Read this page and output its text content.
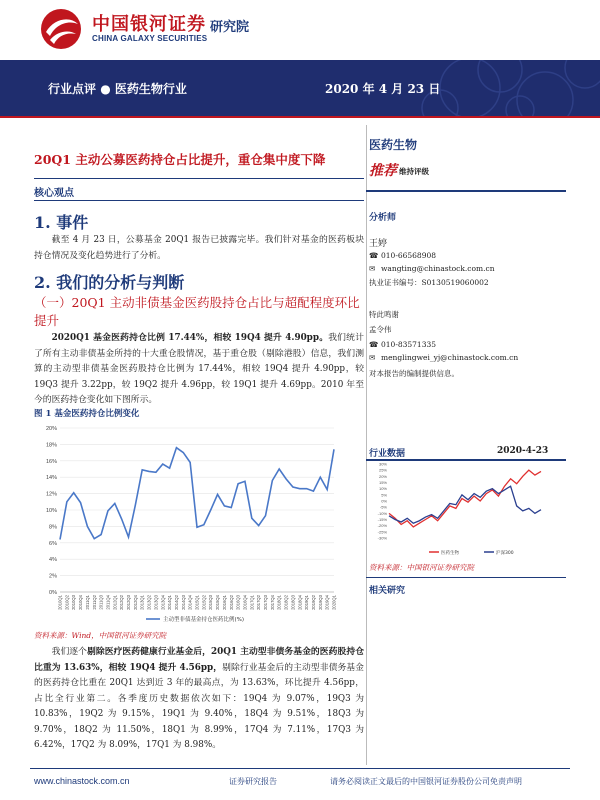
中国银河证券
CHINA GALAXY SECURITIES
研究院
行业点评 ● 医药生物行业	2020 年 4 月 23 日
20Q1 主动公募医药持仓占比提升，重仓集中度下降
核心观点
1. 事件
截至 4 月 23 日，公募基金 20Q1 报告已披露完毕。我们针对基金的医药板块持仓情况及变化趋势进行了分析。
2. 我们的分析与判断
（一）20Q1 主动非债基金医药股持仓占比与超配程度环比提升
2020Q1 基金医药持仓比例 17.44%，相较 19Q4 提升 4.90pp。我们统计了所有主动非债基金所持的十大重仓股情况，基于重仓股（剔除港股）信息，我们测算的主动型非债基金医药股持仓比例为 17.44%，相较 19Q4 提升 4.90pp，较 19Q3 提升 3.22pp，较 19Q2 提升 4.96pp，较 19Q1 提升 4.69pp。2010 年至今的医药持仓变化如下图所示。
图 1 基金医药持仓比例变化
0%
2%
4%
6%
8%
10%
12%
14%
16%
18%
20%
2010Q1 2010Q2 2010Q3 2010Q4 2011Q1 2011Q2 2011Q3 2011Q4 2012Q1 2012Q2 2012Q3 2012Q4 2013Q1 2013Q2 2013Q3 2013Q4 2014Q1 2014Q2 2014Q3 2014Q4 2015Q1 2015Q2 2015Q3 2015Q4 2016Q1 2016Q2 2016Q3 2016Q4 2017Q1 2017Q2 2017Q3 2017Q4 2018Q1 2018Q2 2018Q3 2018Q4 2019Q1 2019Q2 2019Q3 2019Q4 2020Q1
主动型非债基金持仓医药比例(%)
资料来源：Wind，中国银河证券研究院
我们逐个剔除医疗医药健康行业基金后，20Q1 主动型非债务基金的医药股持仓比重为 13.63%，相较 19Q4 提升 4.56pp，剔除行业基金后的主动型非债务基金的医药持仓比重在 20Q1 达到近 3 年的最高点，为 13.63%，环比提升 4.56pp，占比全行业第二。各季度历史数据依次如下：19Q4 为 9.07%，19Q3 为 10.83%，19Q2 为 9.15%，19Q1 为 9.40%，18Q4 为 9.51%，18Q3 为 9.70%，18Q2 为 11.50%，18Q1 为 8.99%，17Q4 为 7.11%，17Q3 为 6.42%，17Q2 为 8.09%，17Q1 为 8.98%。
医药生物
推荐 维持评级
分析师
王婷
☎ 010-66568908
✉ wangting@chinastock.com.cn
执业证书编号：S0130519060002
特此鸣谢
孟令伟
☎ 010-83571335
✉ menglingwei_yj@chinastock.com.cn
对本报告的编制提供信息。
行业数据	2020-4-23
30%
25%
20%
15%
10%
5%
0%
-5%
-10%
-15%
-20%
-25%
-30%
医药生物	沪深300
资料来源：中国银河证券研究院
相关研究
www.chinastock.com.cn	证券研究报告	请务必阅读正文最后的中国银河证券股份公司免责声明
